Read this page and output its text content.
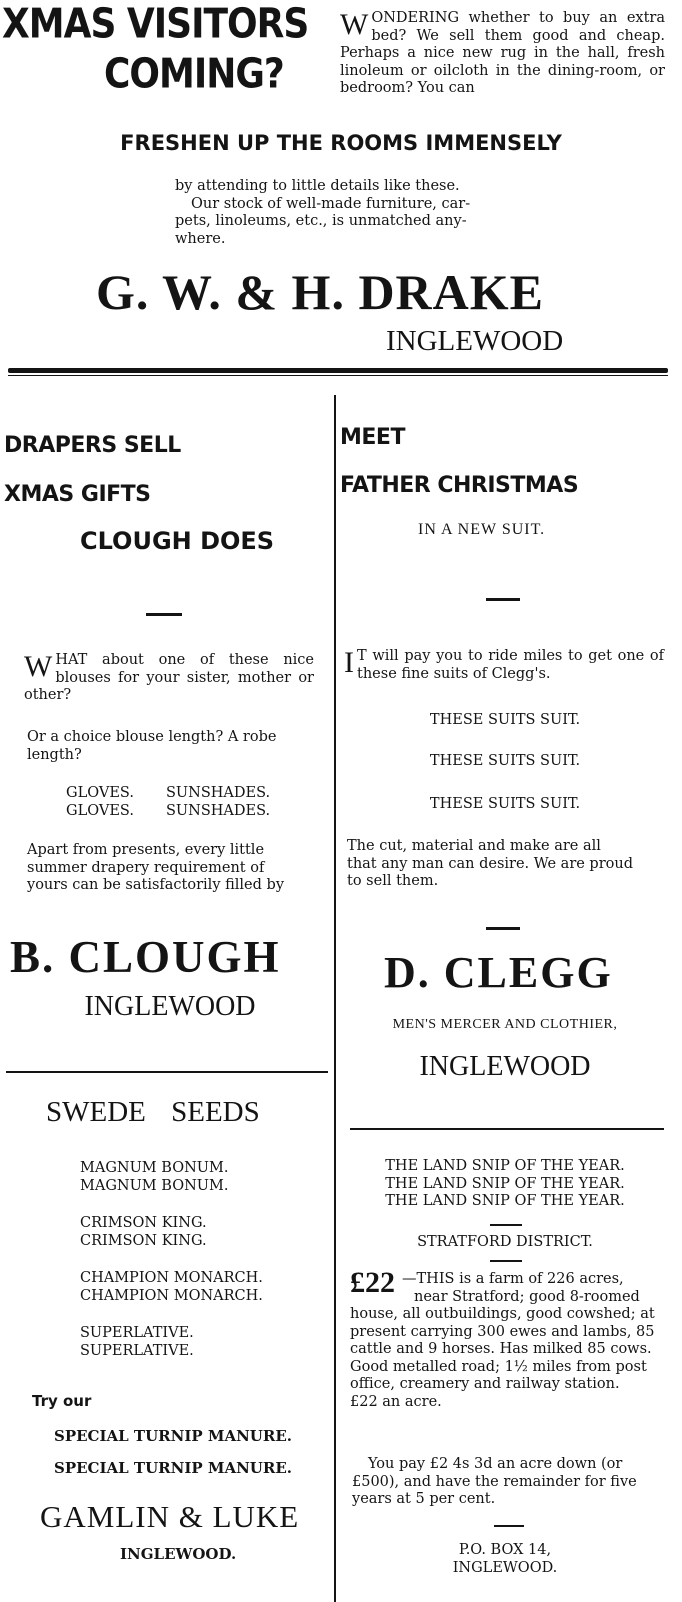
XMAS VISITORS
COMING?
WONDERING whether to buy an extra bed? We sell them good and cheap. Perhaps a nice new rug in the hall, fresh linoleum or oilcloth in the dining-room, or bedroom? You can
FRESHEN UP THE ROOMS IMMENSELY

by attending to little details like these.

Our stock of well-made furniture, car-

pets, linoleums, etc., is unmatched any-

where.

G. W. & H. DRAKE
INGLEWOOD
DRAPERS SELL
XMAS GIFTS
CLOUGH DOES
WHAT about one of these nice blouses for your sister, mother or other?

Or a choice blouse length? A robe

length?

GLOVES. SUNSHADES.
GLOVES. SUNSHADES.

Apart from presents, every little

summer drapery requirement of

yours can be satisfactorily filled by

B. CLOUGH
INGLEWOOD
MEET
FATHER CHRISTMAS
IN A NEW SUIT.
I T will pay you to ride miles to get one of these fine suits of Clegg's.
THESE SUITS SUIT.
THESE SUITS SUIT.
THESE SUITS SUIT.

The cut, material and make are all

that any man can desire. We are proud

to sell them.

D. CLEGG
MEN'S MERCER AND CLOTHIER,
INGLEWOOD
SWEDE SEEDS

MAGNUM BONUM.

MAGNUM BONUM.

CRIMSON KING.

CRIMSON KING.

CHAMPION MONARCH.

CHAMPION MONARCH.

SUPERLATIVE.

SUPERLATIVE.

Try our
SPECIAL TURNIP MANURE.
SPECIAL TURNIP MANURE.
GAMLIN & LUKE
INGLEWOOD.

THE LAND SNIP OF THE YEAR.

THE LAND SNIP OF THE YEAR.

THE LAND SNIP OF THE YEAR.

STRATFORD DISTRICT.
£22 —THIS is a farm of 226 acres,

near Stratford; good 8-roomed

house, all outbuildings, good cowshed; at

present carrying 300 ewes and lambs, 85

cattle and 9 horses. Has milked 85 cows.

Good metalled road; 1½ miles from post

office, creamery and railway station.

£22 an acre.

You pay £2 4s 3d an acre down (or

£500), and have the remainder for five

years at 5 per cent.

P.O. BOX 14,
INGLEWOOD.
